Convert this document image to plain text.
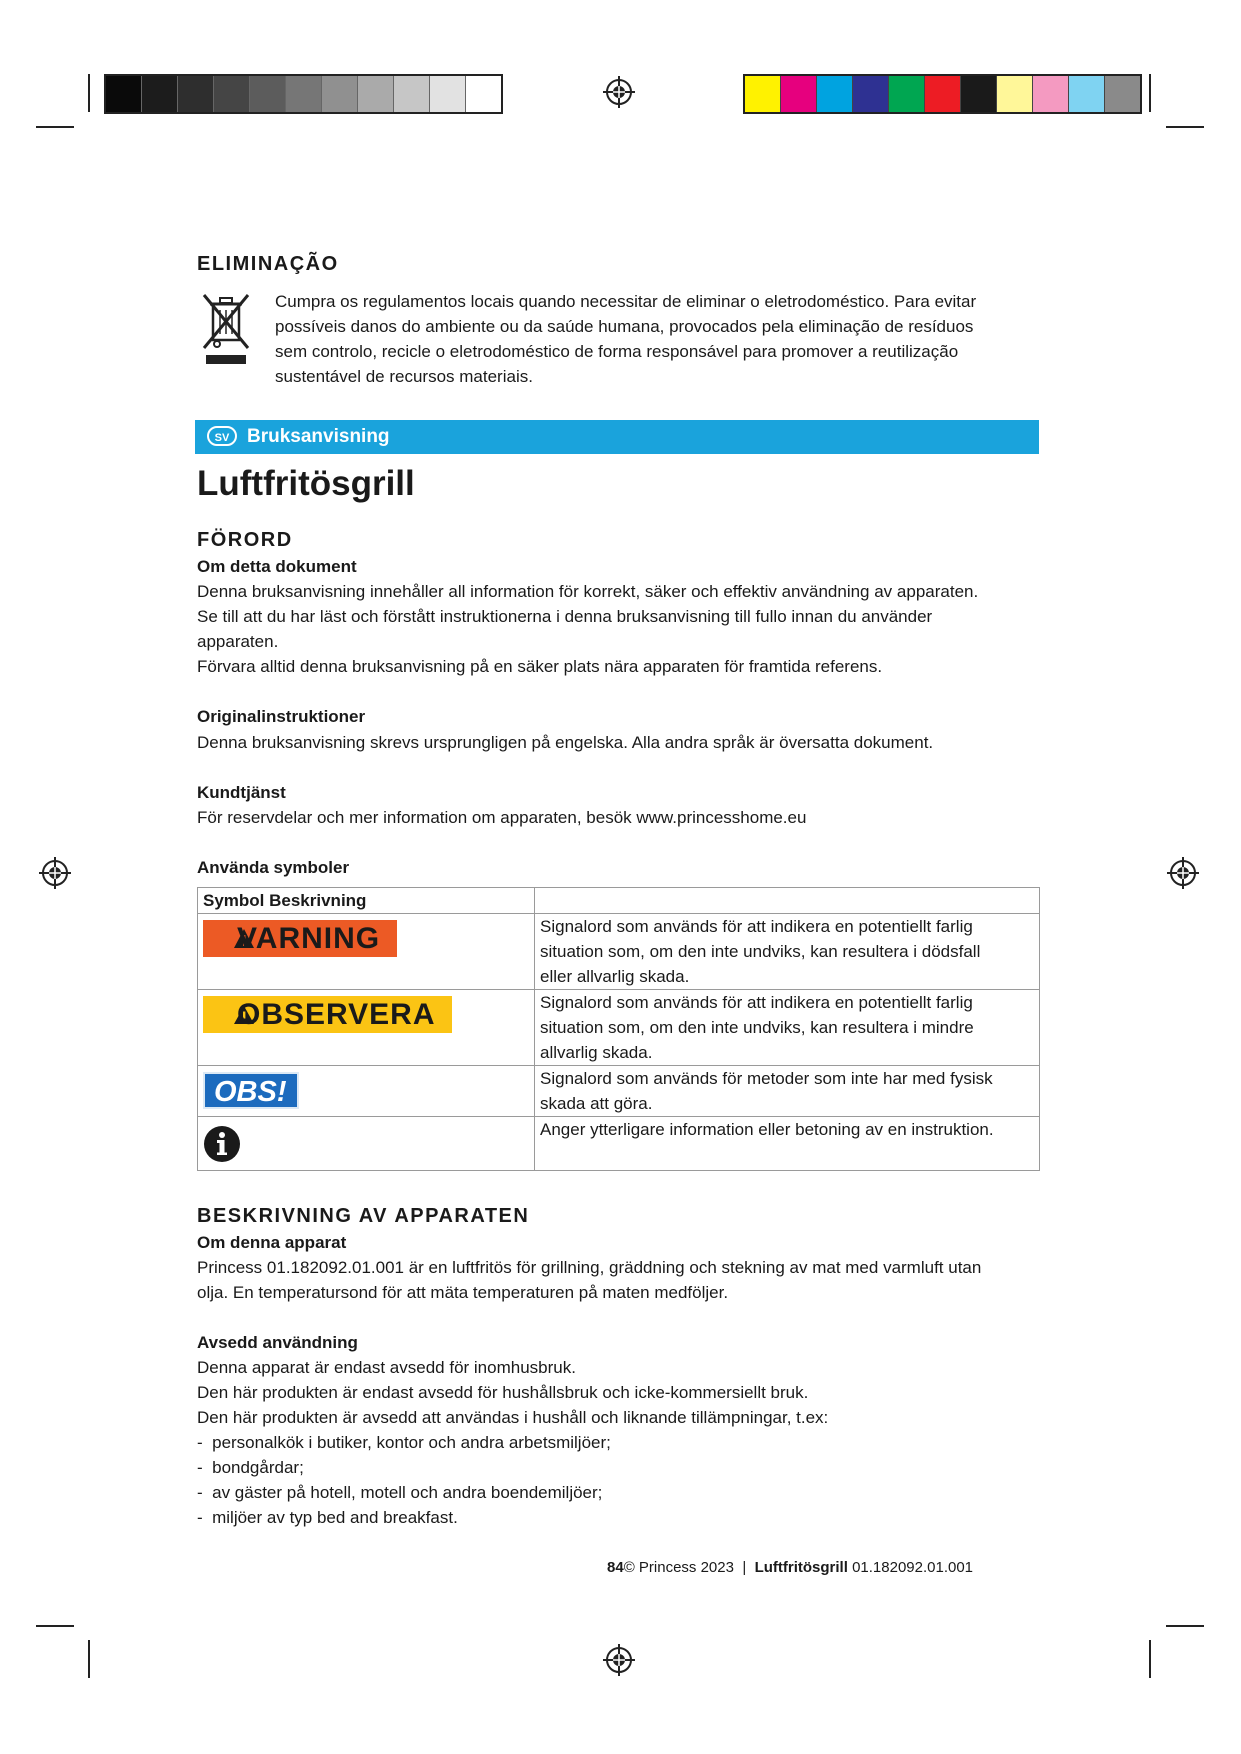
ELIMINAÇÃO
Cumpra os regulamentos locais quando necessitar de eliminar o eletrodoméstico. Para evitar
possíveis danos do ambiente ou da saúde humana, provocados pela eliminação de resíduos
sem controlo, recicle o eletrodoméstico de forma responsável para promover a reutilização
sustentável de recursos materiais.
SV Bruksanvisning
Luftfritösgrill
FÖRORD
Om detta dokument
Denna bruksanvisning innehåller all information för korrekt, säker och effektiv användning av apparaten.
Se till att du har läst och förstått instruktionerna i denna bruksanvisning till fullo innan du använder
apparaten.
Förvara alltid denna bruksanvisning på en säker plats nära apparaten för framtida referens.
Originalinstruktioner
Denna bruksanvisning skrevs ursprungligen på engelska. Alla andra språk är översatta dokument.
Kundtjänst
För reservdelar och mer information om apparaten, besök www.princesshome.eu
Använda symboler
Symbol Beskrivning	

VARNING	Signalord som används för att indikera en potentiellt farlig
situation som, om den inte undviks, kan resultera i dödsfall
eller allvarlig skada.

OBSERVERA	Signalord som används för att indikera en potentiellt farlig
situation som, om den inte undviks, kan resultera i mindre
allvarlig skada.

OBS!	Signalord som används för metoder som inte har med fysisk
skada att göra.

Anger ytterligare information eller betoning av en instruktion.
BESKRIVNING AV APPARATEN
Om denna apparat
Princess 01.182092.01.001 är en luftfritös för grillning, gräddning och stekning av mat med varmluft utan
olja. En temperatursond för att mäta temperaturen på maten medföljer.
Avsedd användning
Denna apparat är endast avsedd för inomhusbruk.
Den här produkten är endast avsedd för hushållsbruk och icke-kommersiellt bruk.
Den här produkten är avsedd att användas i hushåll och liknande tillämpningar, t.ex:
-  personalkök i butiker, kontor och andra arbetsmiljöer;
-  bondgårdar;
-  av gäster på hotell, motell och andra boendemiljöer;
-  miljöer av typ bed and breakfast.
84© Princess 2023 | Luftfritösgrill 01.182092.01.001
